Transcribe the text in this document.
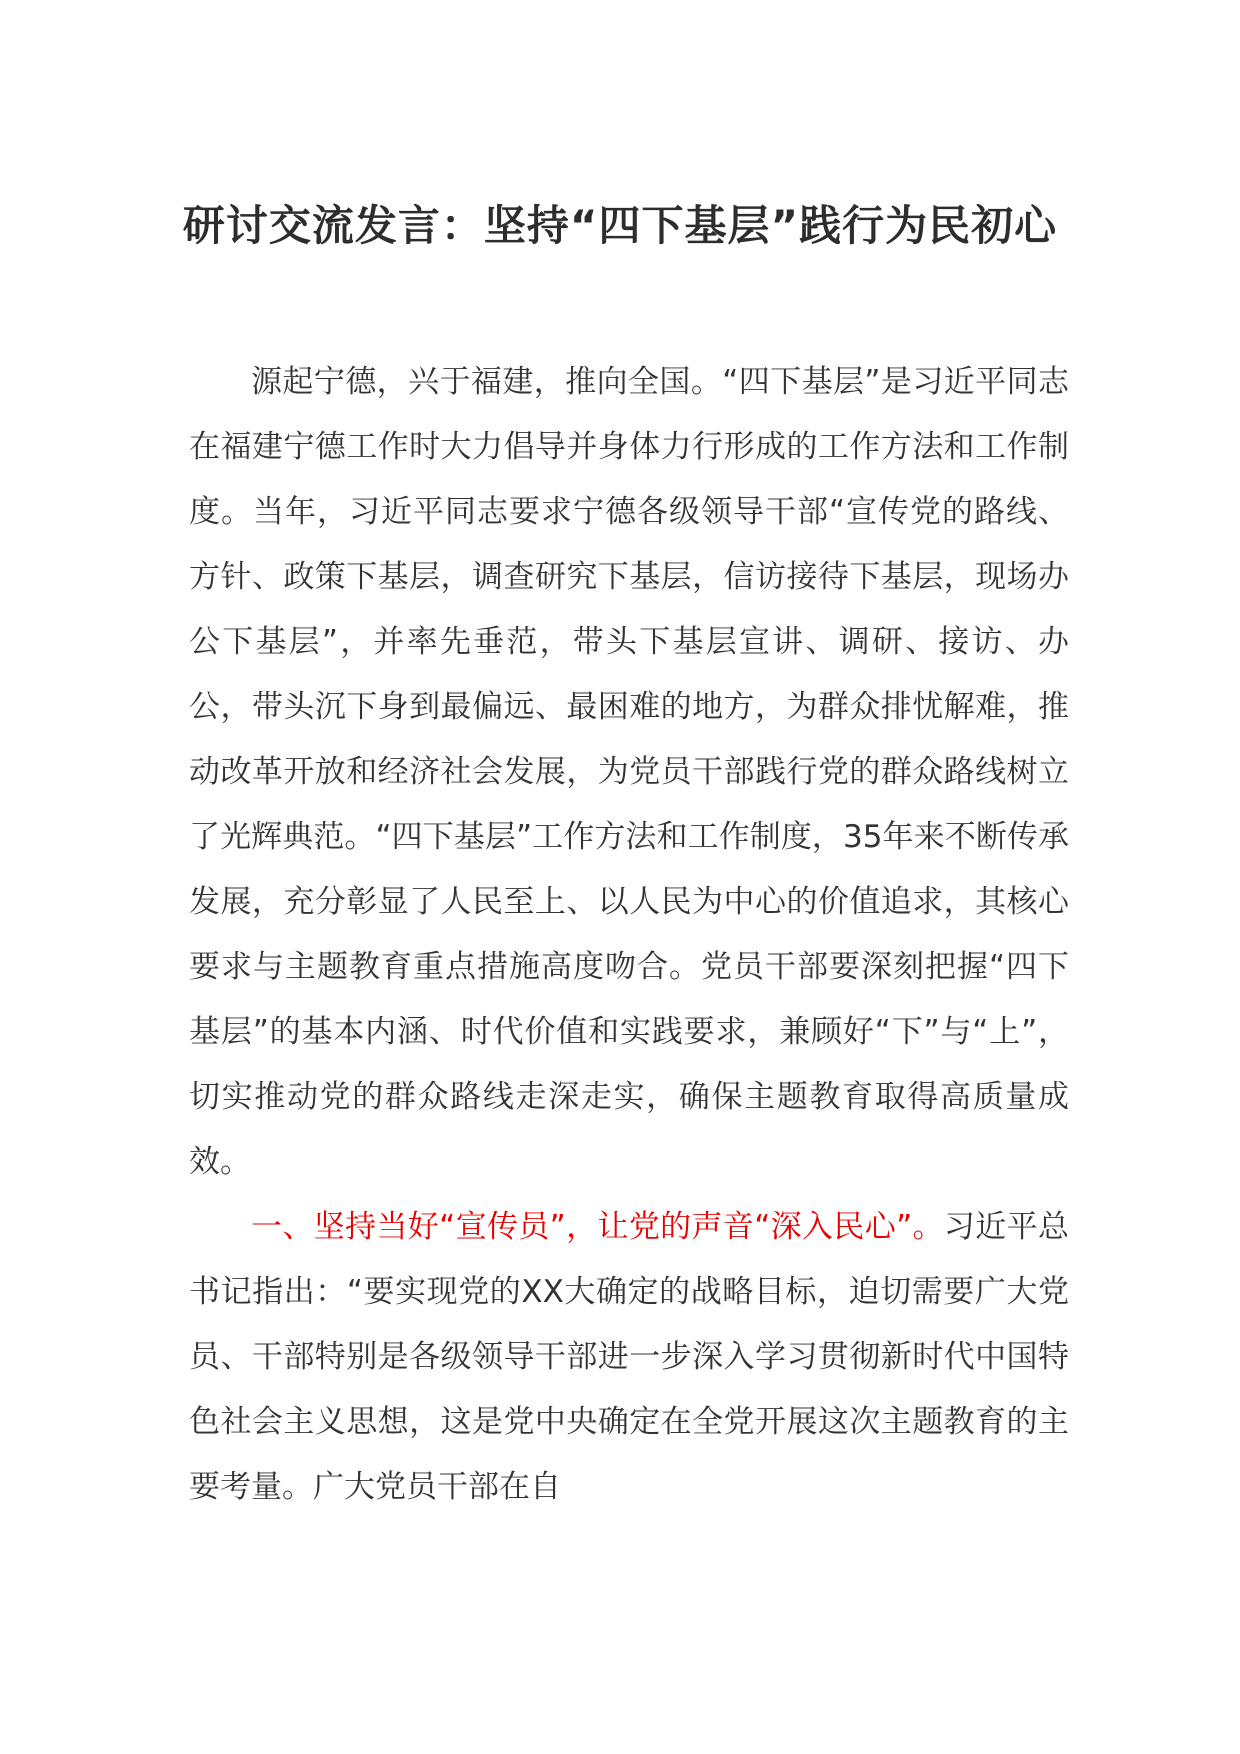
研讨交流发言：坚持“四下基层”践行为民初心

源起宁德，兴于福建，推向全国。“四下基层”是习近平同志在福建宁德工作时大力倡导并身体力行形成的工作方法和工作制度。当年，习近平同志要求宁德各级领导干部“宣传党的路线、方针、政策下基层，调查研究下基层，信访接待下基层，现场办公下基层”，并率先垂范，带头下基层宣讲、调研、接访、办公，带头沉下身到最偏远、最困难的地方，为群众排忧解难，推动改革开放和经济社会发展，为党员干部践行党的群众路线树立了光辉典范。“四下基层”工作方法和工作制度，35年来不断传承发展，充分彰显了人民至上、以人民为中心的价值追求，其核心要求与主题教育重点措施高度吻合。党员干部要深刻把握“四下基层”的基本内涵、时代价值和实践要求，兼顾好“下”与“上”，切实推动党的群众路线走深走实，确保主题教育取得高质量成效。

一、坚持当好“宣传员”，让党的声音“深入民心”。习近平总书记指出：“要实现党的XX大确定的战略目标，迫切需要广大党员、干部特别是各级领导干部进一步深入学习贯彻新时代中国特色社会主义思想，这是党中央确定在全党开展这次主题教育的主要考量。广大党员干部在自
